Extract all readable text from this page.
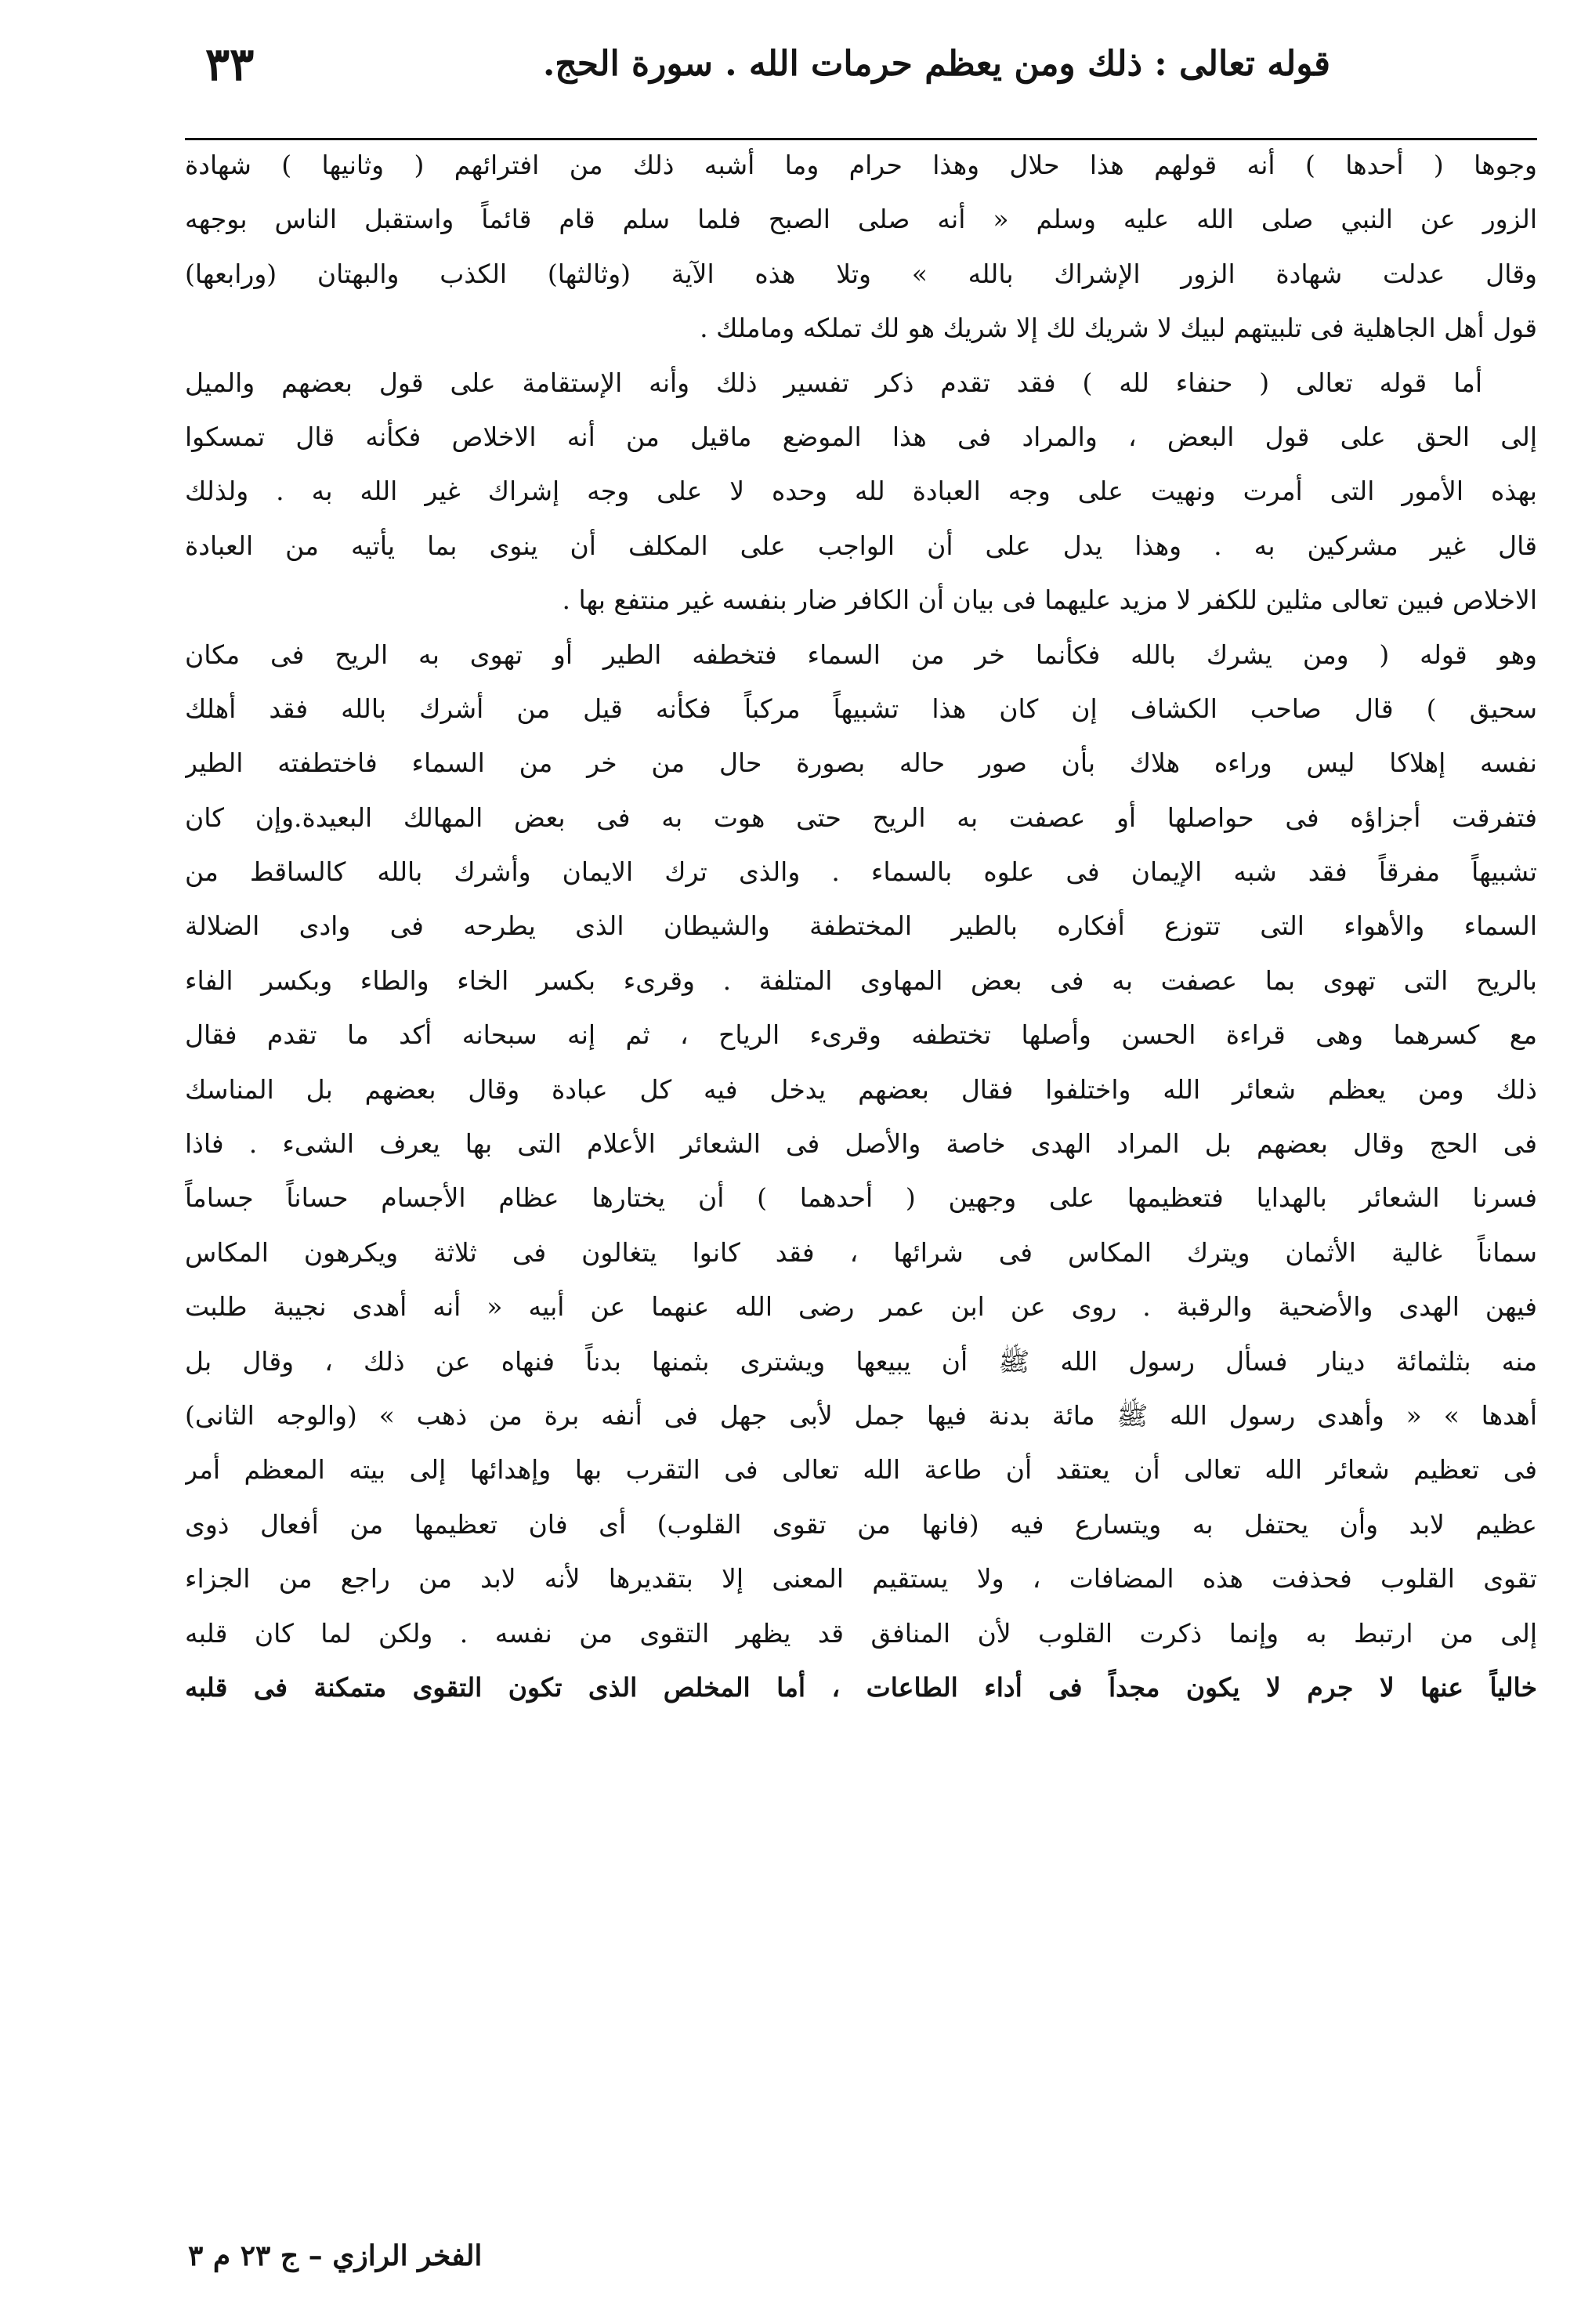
٣٣	قوله تعالى : ذلك ومن يعظم حرمات الله . سورة الحج.
وجوها ( أحدها ) أنه قولهم هذا حلال وهذا حرام وما أشبه ذلك من افترائهم ( وثانيها ) شهادة
الزور عن النبي صلى الله عليه وسلم « أنه صلى الصبح فلما سلم قام قائماً واستقبل الناس بوجهه
وقال عدلت شهادة الزور الإشراك بالله » وتلا هذه الآية (وثالثها) الكذب والبهتان (ورابعها)
قول أهل الجاهلية فى تلبيتهم لبيك لا شريك لك إلا شريك هو لك تملكه وماملك .
أما قوله تعالى ( حنفاء لله ) فقد تقدم ذكر تفسير ذلك وأنه الإستقامة على قول بعضهم والميل
إلى الحق على قول البعض ، والمراد فى هذا الموضع ماقيل من أنه الاخلاص فكأنه قال تمسكوا
بهذه الأمور التى أمرت ونهيت على وجه العبادة لله وحده لا على وجه إشراك غير الله به . ولذلك
قال غير مشركين به . وهذا يدل على أن الواجب على المكلف أن ينوى بما يأتيه من العبادة
الاخلاص فبين تعالى مثلين للكفر لا مزيد عليهما فى بيان أن الكافر ضار بنفسه غير منتفع بها .
وهو قوله ( ومن يشرك بالله فكأنما خر من السماء فتخطفه الطير أو تهوى به الريح فى مكان
سحيق ) قال صاحب الكشاف إن كان هذا تشبيهاً مركباً فكأنه قيل من أشرك بالله فقد أهلك
نفسه إهلاكا ليس وراءه هلاك بأن صور حاله بصورة حال من خر من السماء فاختطفته الطير
فتفرقت أجزاؤه فى حواصلها أو عصفت به الريح حتى هوت به فى بعض المهالك البعيدة.وإن كان
تشبيهاً مفرقاً فقد شبه الإيمان فى علوه بالسماء . والذى ترك الايمان وأشرك بالله كالساقط من
السماء والأهواء التى تتوزع أفكاره بالطير المختطفة والشيطان الذى يطرحه فى وادى الضلالة
بالريح التى تهوى بما عصفت به فى بعض المهاوى المتلفة . وقرىء بكسر الخاء والطاء وبكسر الفاء
مع كسرهما وهى قراءة الحسن وأصلها تختطفه وقرىء الرياح ، ثم إنه سبحانه أكد ما تقدم فقال
ذلك ومن يعظم شعائر الله واختلفوا فقال بعضهم يدخل فيه كل عبادة وقال بعضهم بل المناسك
فى الحج وقال بعضهم بل المراد الهدى خاصة والأصل فى الشعائر الأعلام التى بها يعرف الشىء . فاذا
فسرنا الشعائر بالهدايا فتعظيمها على وجهين ( أحدهما ) أن يختارها عظام الأجسام حساناً جساماً
سماناً غالية الأثمان ويترك المكاس فى شرائها ، فقد كانوا يتغالون فى ثلاثة ويكرهون المكاس
فيهن الهدى والأضحية والرقبة . روى عن ابن عمر رضى الله عنهما عن أبيه « أنه أهدى نجيبة طلبت
منه بثلثمائة دينار فسأل رسول الله ﷺ أن يبيعها ويشترى بثمنها بدناً فنهاه عن ذلك ، وقال بل
أهدها » « وأهدى رسول الله ﷺ مائة بدنة فيها جمل لأبى جهل فى أنفه برة من ذهب » (والوجه الثانى)
فى تعظيم شعائر الله تعالى أن يعتقد أن طاعة الله تعالى فى التقرب بها وإهدائها إلى بيته المعظم أمر
عظيم لابد وأن يحتفل به ويتسارع فيه (فانها من تقوى القلوب) أى فان تعظيمها من أفعال ذوى
تقوى القلوب فحذفت هذه المضافات ، ولا يستقيم المعنى إلا بتقديرها لأنه لابد من راجع من الجزاء
إلى من ارتبط به وإنما ذكرت القلوب لأن المنافق قد يظهر التقوى من نفسه . ولكن لما كان قلبه
خالياً عنها لا جرم لا يكون مجداً فى أداء الطاعات ، أما المخلص الذى تكون التقوى متمكنة فى قلبه
الفخر الرازي – ج ٢٣ م ٣
